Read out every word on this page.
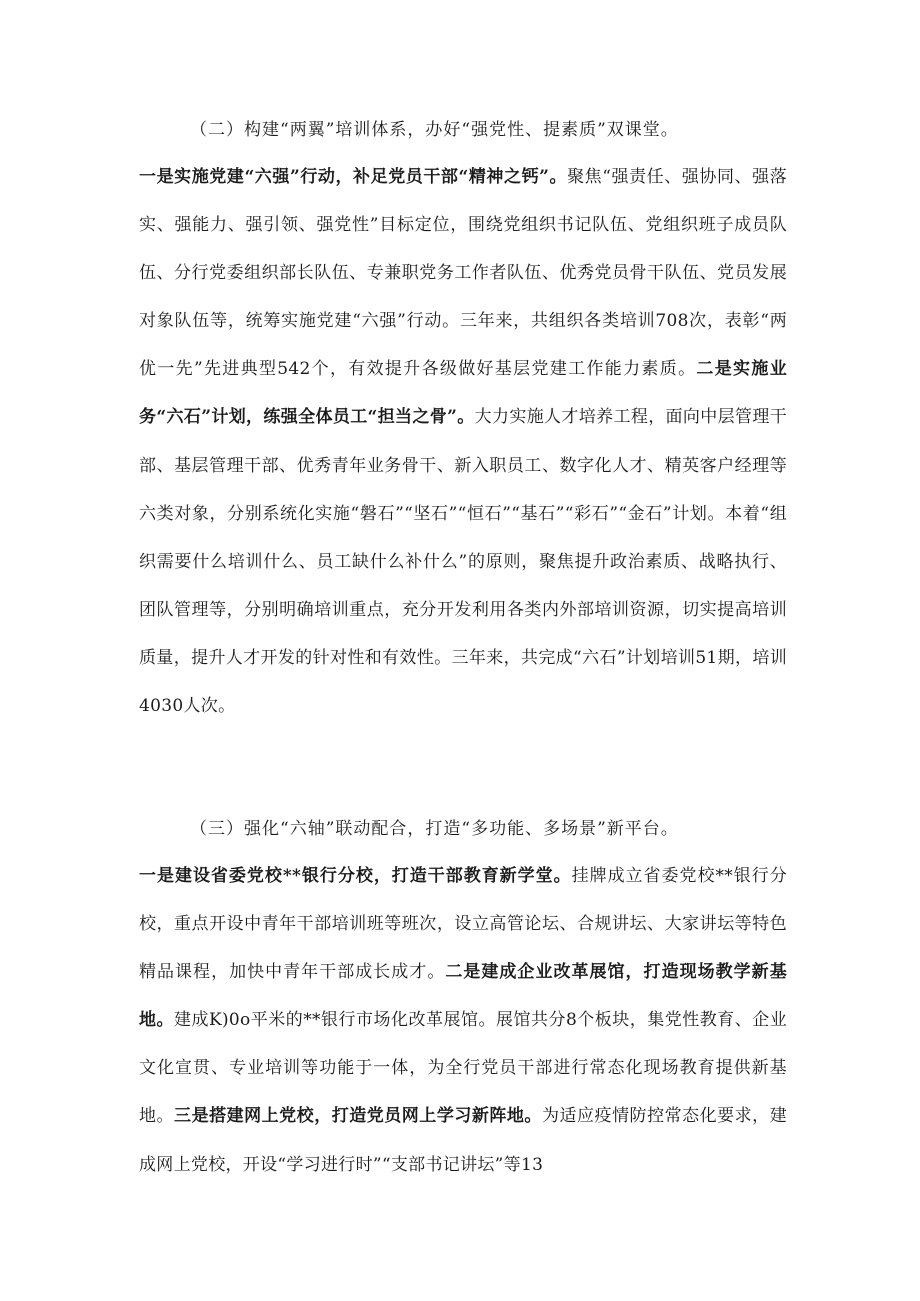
（二）构建“两翼”培训体系，办好“强党性、提素质”双课堂。
一是实施党建“六强”行动，补足党员干部“精神之钙”。聚焦“强责任、强协同、强落实、强能力、强引领、强党性”目标定位，围绕党组织书记队伍、党组织班子成员队伍、分行党委组织部长队伍、专兼职党务工作者队伍、优秀党员骨干队伍、党员发展对象队伍等，统筹实施党建“六强”行动。三年来，共组织各类培训708次，表彰“两优一先”先进典型542个，有效提升各级做好基层党建工作能力素质。二是实施业务“六石”计划，练强全体员工“担当之骨”。大力实施人才培养工程，面向中层管理干部、基层管理干部、优秀青年业务骨干、新入职员工、数字化人才、精英客户经理等六类对象，分别系统化实施“磐石”“坚石”“恒石”“基石”“彩石”“金石”计划。本着“组织需要什么培训什么、员工缺什么补什么”的原则，聚焦提升政治素质、战略执行、团队管理等，分别明确培训重点，充分开发利用各类内外部培训资源，切实提高培训质量，提升人才开发的针对性和有效性。三年来，共完成“六石”计划培训51期，培训4030人次。
（三）强化“六轴”联动配合，打造“多功能、多场景”新平台。
一是建设省委党校**银行分校，打造干部教育新学堂。挂牌成立省委党校**银行分校，重点开设中青年干部培训班等班次，设立高管论坛、合规讲坛、大家讲坛等特色精品课程，加快中青年干部成长成才。二是建成企业改革展馆，打造现场教学新基地。建成K)0o平米的**银行市场化改革展馆。展馆共分8个板块，集党性教育、企业文化宣贯、专业培训等功能于一体，为全行党员干部进行常态化现场教育提供新基地。三是搭建网上党校，打造党员网上学习新阵地。为适应疫情防控常态化要求，建成网上党校，开设“学习进行时”“支部书记讲坛”等13
